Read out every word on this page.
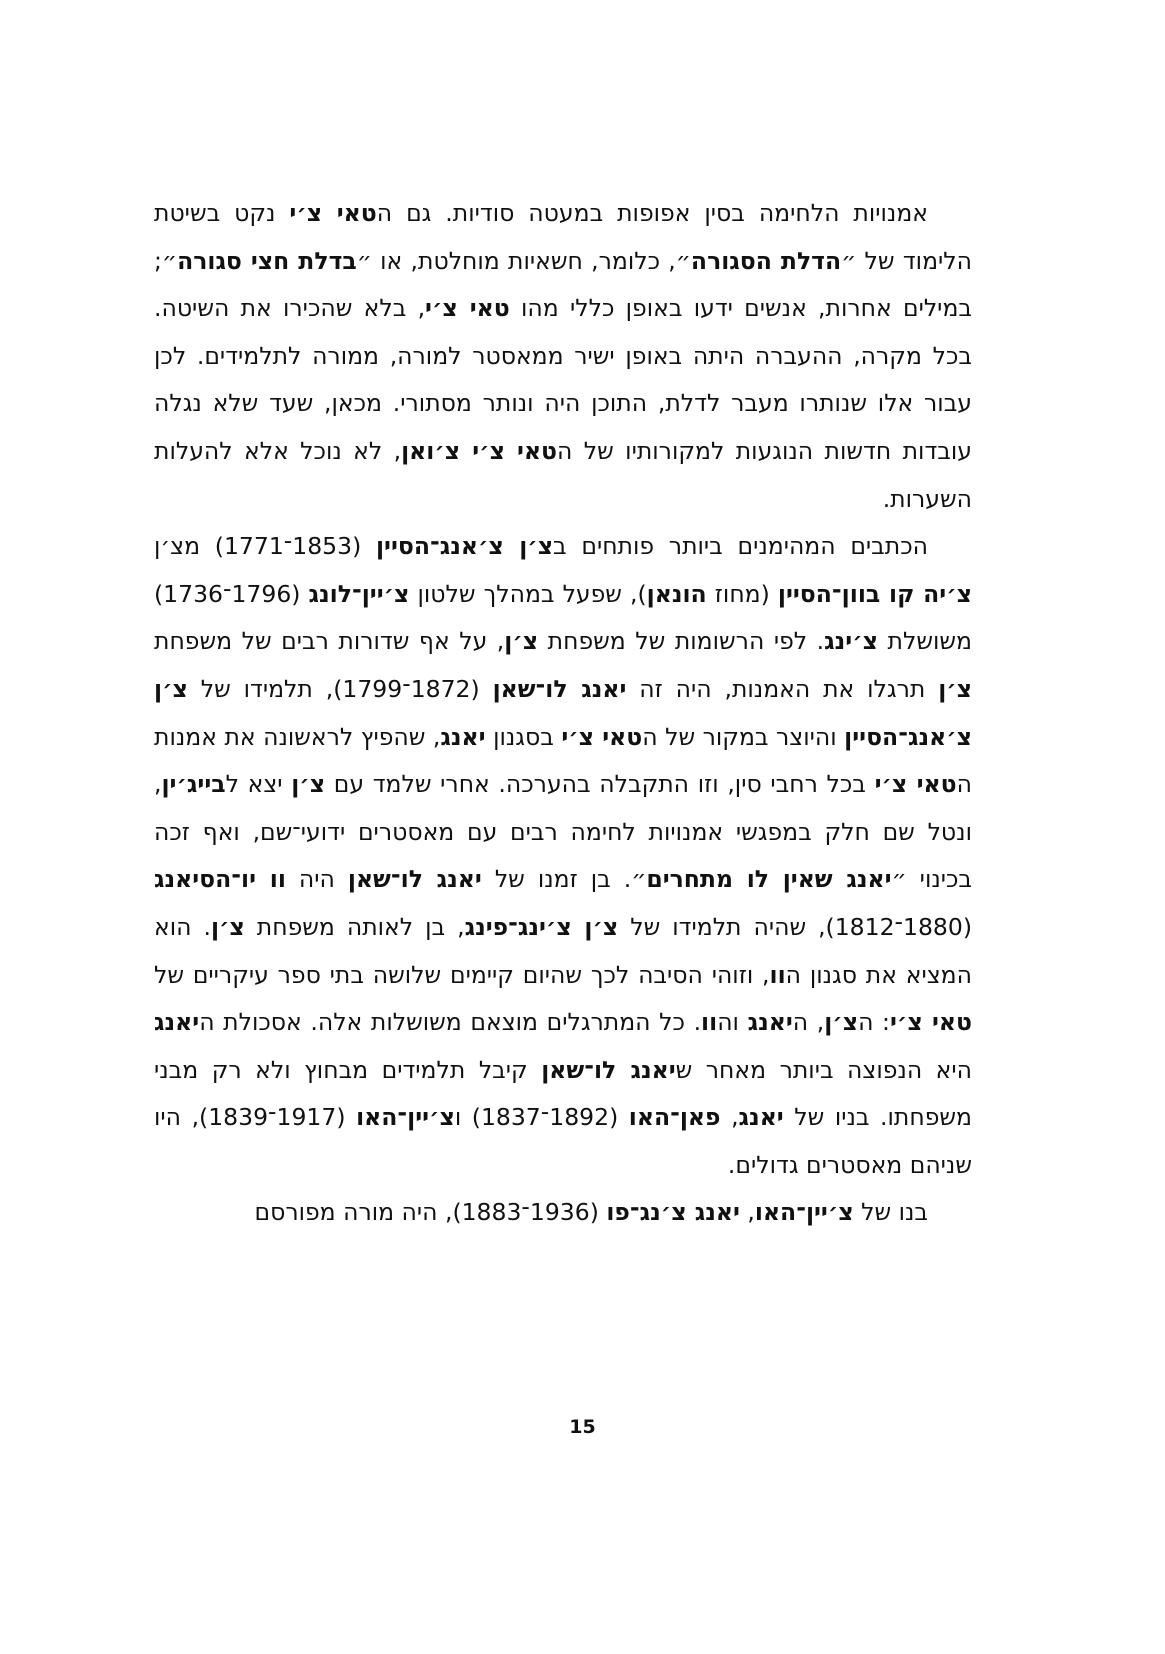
אמנויות הלחימה בסין אפופות במעטה סודיות. גם הטאי צ׳י נקט בשיטת הלימוד של ״הדלת הסגורה״, כלומר, חשאיות מוחלטת, או ״בדלת חצי סגורה״; במילים אחרות, אנשים ידעו באופן כללי מהו טאי צ׳י, בלא שהכירו את השיטה. בכל מקרה, ההעברה היתה באופן ישיר ממאסטר למורה, ממורה לתלמידים. לכן עבור אלו שנותרו מעבר לדלת, התוכן היה ונותר מסתורי. מכאן, שעד שלא נגלה עובדות חדשות הנוגעות למקורותיו של הטאי צ׳י צ׳ואן, לא נוכל אלא להעלות השערות.

הכתבים המהימנים ביותר פותחים בצ׳ן צ׳אנג־הסיין (1853־1771) מצ׳ן צ׳יה קו בוון־הסיין (מחוז הונאן), שפעל במהלך שלטון צ׳יין־לונג (1796־1736) משושלת צ׳ינג. לפי הרשומות של משפחת צ׳ן, על אף שדורות רבים של משפחת צ׳ן תרגלו את האמנות, היה זה יאנג לו־שאן (1872־1799), תלמידו של צ׳ן צ׳אנג־הסיין והיוצר במקור של הטאי צ׳י בסגנון יאנג, שהפיץ לראשונה את אמנות הטאי צ׳י בכל רחבי סין, וזו התקבלה בהערכה. אחרי שלמד עם צ׳ן יצא לבייג׳ין, ונטל שם חלק במפגשי אמנויות לחימה רבים עם מאסטרים ידועי־שם, ואף זכה בכינוי ״יאנג שאין לו מתחרים״. בן זמנו של יאנג לו־שאן היה וו יו־הסיאנג (1880־1812), שהיה תלמידו של צ׳ן צ׳ינג־פינג, בן לאותה משפחת צ׳ן. הוא המציא את סגנון הוו, וזוהי הסיבה לכך שהיום קיימים שלושה בתי ספר עיקריים של טאי צ׳י: הצ׳ן, היאנג והוו. כל המתרגלים מוצאם משושלות אלה. אסכולת היאנג היא הנפוצה ביותר מאחר שיאנג לו־שאן קיבל תלמידים מבחוץ ולא רק מבני משפחתו. בניו של יאנג, פאן־האו (1892־1837) וצ׳יין־האו (1917־1839), היו שניהם מאסטרים גדולים.

בנו של צ׳יין־האו, יאנג צ׳נג־פו (1936־1883), היה מורה מפורסם

15
